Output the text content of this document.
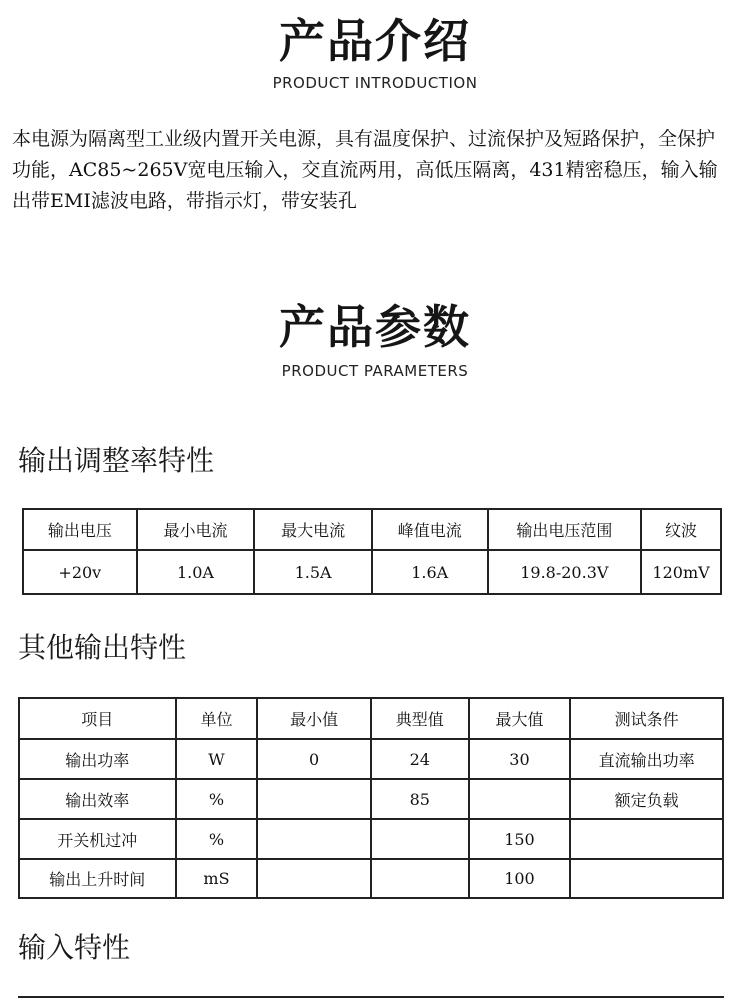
产品介绍
PRODUCT INTRODUCTION

本电源为隔离型工业级内置开关电源，具有温度保护、过流保护及短路保护，全保护功能，AC85~265V宽电压输入，交直流两用，高低压隔离，431精密稳压，输入输出带EMI滤波电路，带指示灯，带安装孔

产品参数
PRODUCT PARAMETERS
输出调整率特性
输出电压	最小电流	最大电流	峰值电流	输出电压范围	纹波
+20v	1.0A	1.5A	1.6A	19.8-20.3V	120mV
其他输出特性
项目	单位	最小值	典型值	最大值	测试条件
输出功率	W	0	24	30	直流输出功率
输出效率	%		85		额定负载
开关机过冲	%			150	
输出上升时间	mS			100	
输入特性
